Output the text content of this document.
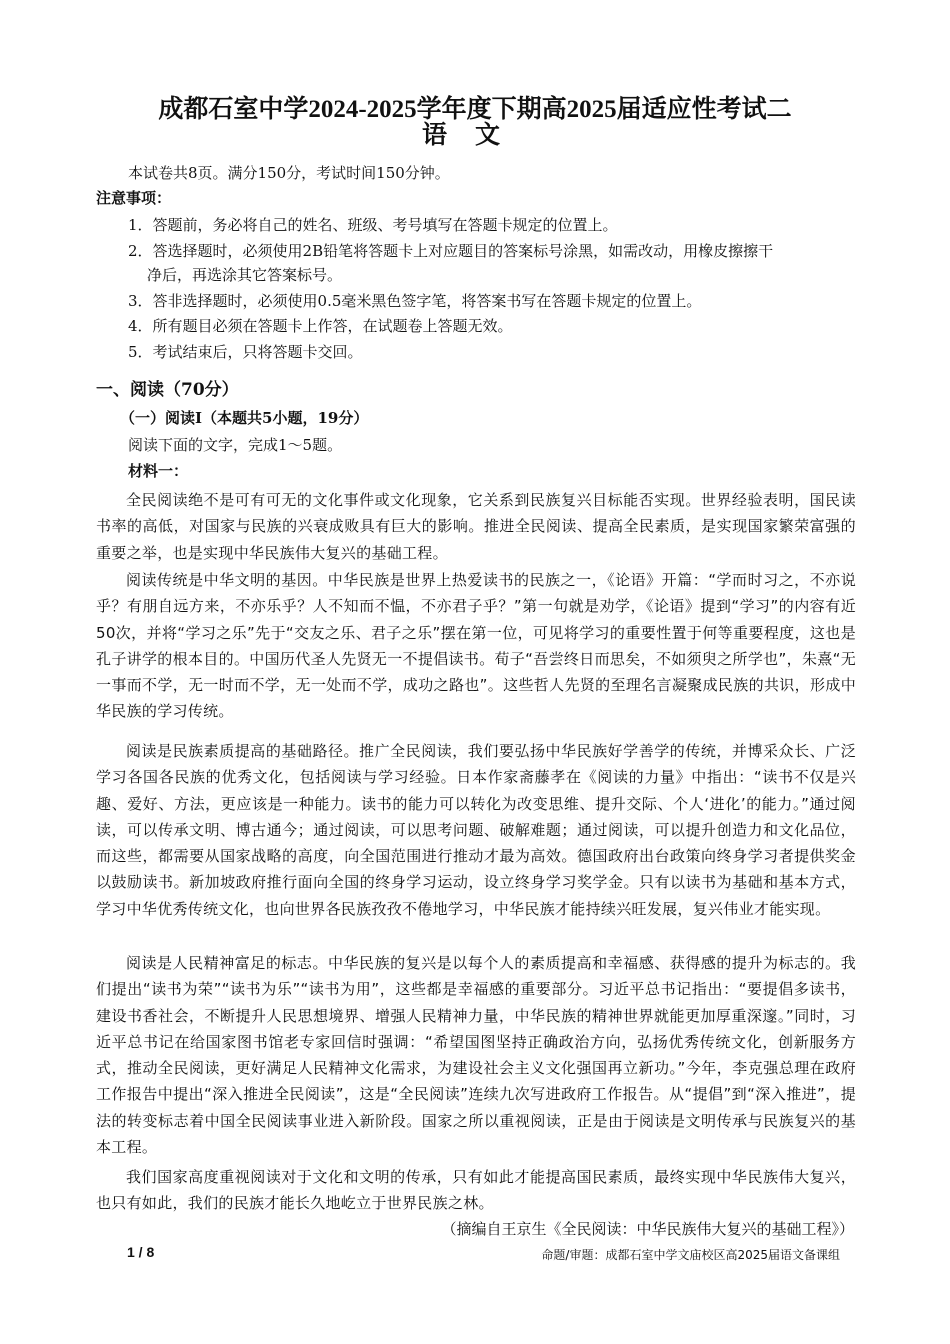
成都石室中学2024-2025学年度下期高2025届适应性考试二
语文
本试卷共8页。满分150分，考试时间150分钟。
注意事项：
1．答题前，务必将自己的姓名、班级、考号填写在答题卡规定的位置上。
2．答选择题时，必须使用2B铅笔将答题卡上对应题目的答案标号涂黑，如需改动，用橡皮擦擦干
净后，再选涂其它答案标号。
3．答非选择题时，必须使用0.5毫米黑色签字笔，将答案书写在答题卡规定的位置上。
4．所有题目必须在答题卡上作答，在试题卷上答题无效。
5．考试结束后，只将答题卡交回。
一、阅读（70分）
（一）阅读I（本题共5小题，19分）
阅读下面的文字，完成1～5题。
材料一：
全民阅读绝不是可有可无的文化事件或文化现象，它关系到民族复兴目标能否实现。世界经验表明，国民读书率的高低，对国家与民族的兴衰成败具有巨大的影响。推进全民阅读、提高全民素质，是实现国家繁荣富强的重要之举，也是实现中华民族伟大复兴的基础工程。
阅读传统是中华文明的基因。中华民族是世界上热爱读书的民族之一，《论语》开篇：“学而时习之，不亦说乎？有朋自远方来，不亦乐乎？人不知而不愠，不亦君子乎？”第一句就是劝学，《论语》提到“学习”的内容有近50次，并将“学习之乐”先于“交友之乐、君子之乐”摆在第一位，可见将学习的重要性置于何等重要程度，这也是孔子讲学的根本目的。中国历代圣人先贤无一不提倡读书。荀子“吾尝终日而思矣，不如须臾之所学也”，朱熹“无一事而不学，无一时而不学，无一处而不学，成功之路也”。这些哲人先贤的至理名言凝聚成民族的共识，形成中华民族的学习传统。
阅读是民族素质提高的基础路径。推广全民阅读，我们要弘扬中华民族好学善学的传统，并博采众长、广泛学习各国各民族的优秀文化，包括阅读与学习经验。日本作家斋藤孝在《阅读的力量》中指出：“读书不仅是兴趣、爱好、方法，更应该是一种能力。读书的能力可以转化为改变思维、提升交际、个人‘进化’的能力。”通过阅读，可以传承文明、博古通今；通过阅读，可以思考问题、破解难题；通过阅读，可以提升创造力和文化品位，而这些，都需要从国家战略的高度，向全国范围进行推动才最为高效。德国政府出台政策向终身学习者提供奖金以鼓励读书。新加坡政府推行面向全国的终身学习运动，设立终身学习奖学金。只有以读书为基础和基本方式，学习中华优秀传统文化，也向世界各民族孜孜不倦地学习，中华民族才能持续兴旺发展，复兴伟业才能实现。
阅读是人民精神富足的标志。中华民族的复兴是以每个人的素质提高和幸福感、获得感的提升为标志的。我们提出“读书为荣”“读书为乐”“读书为用”，这些都是幸福感的重要部分。习近平总书记指出：“要提倡多读书，建设书香社会，不断提升人民思想境界、增强人民精神力量，中华民族的精神世界就能更加厚重深邃。”同时，习近平总书记在给国家图书馆老专家回信时强调：“希望国图坚持正确政治方向，弘扬优秀传统文化，创新服务方式，推动全民阅读，更好满足人民精神文化需求，为建设社会主义文化强国再立新功。”今年，李克强总理在政府工作报告中提出“深入推进全民阅读”，这是“全民阅读”连续九次写进政府工作报告。从“提倡”到“深入推进”，提法的转变标志着中国全民阅读事业进入新阶段。国家之所以重视阅读，正是由于阅读是文明传承与民族复兴的基本工程。
我们国家高度重视阅读对于文化和文明的传承，只有如此才能提高国民素质，最终实现中华民族伟大复兴，也只有如此，我们的民族才能长久地屹立于世界民族之林。
（摘编自王京生《全民阅读：中华民族伟大复兴的基础工程》）
1 / 8	命题/审题：成都石室中学文庙校区高2025届语文备课组
